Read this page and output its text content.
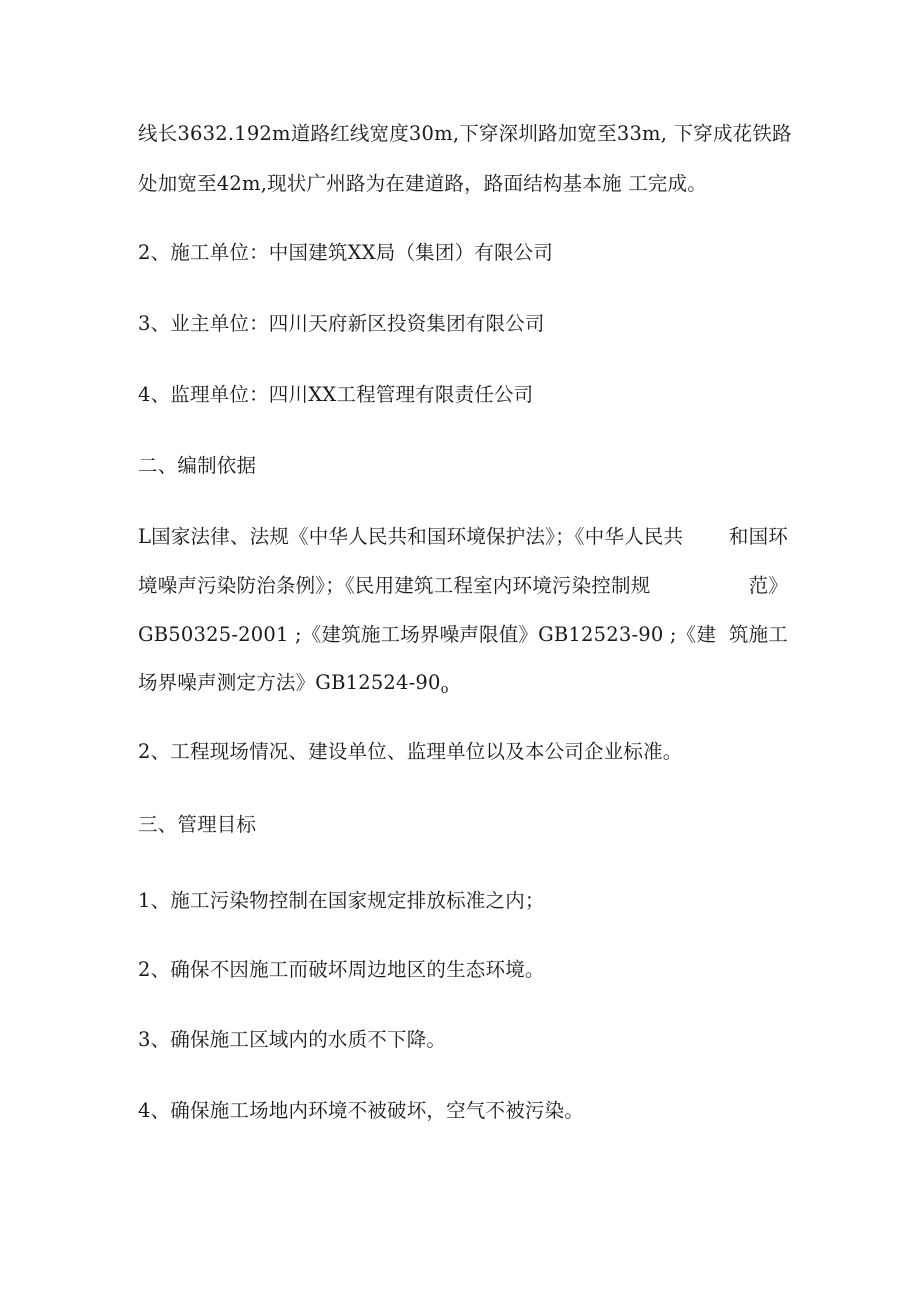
线长3632.192m道路红线宽度30m,下穿深圳路加宽至33m, 下穿成花铁路
处加宽至42m,现状广州路为在建道路，路面结构基本施 工完成。
2、施工单位：中国建筑XX局（集团）有限公司
3、业主单位：四川天府新区投资集团有限公司
4、监理单位：四川XX工程管理有限责任公司
二、编制依据
L国家法律、法规《中华人民共和国环境保护法》；《中华人民共 和国环
境噪声污染防治条例》；《民用建筑工程室内环境污染控制规	范》
GB50325-2001 ;《建筑施工场界噪声限值》GB12523-90 ;《建 筑施工
场界噪声测定方法》$GB12524-90_o$
2、工程现场情况、建设单位、监理单位以及本公司企业标准。
三、管理目标
1、施工污染物控制在国家规定排放标准之内；
2、确保不因施工而破坏周边地区的生态环境。
3、确保施工区域内的水质不下降。
4、确保施工场地内环境不被破坏，空气不被污染。
